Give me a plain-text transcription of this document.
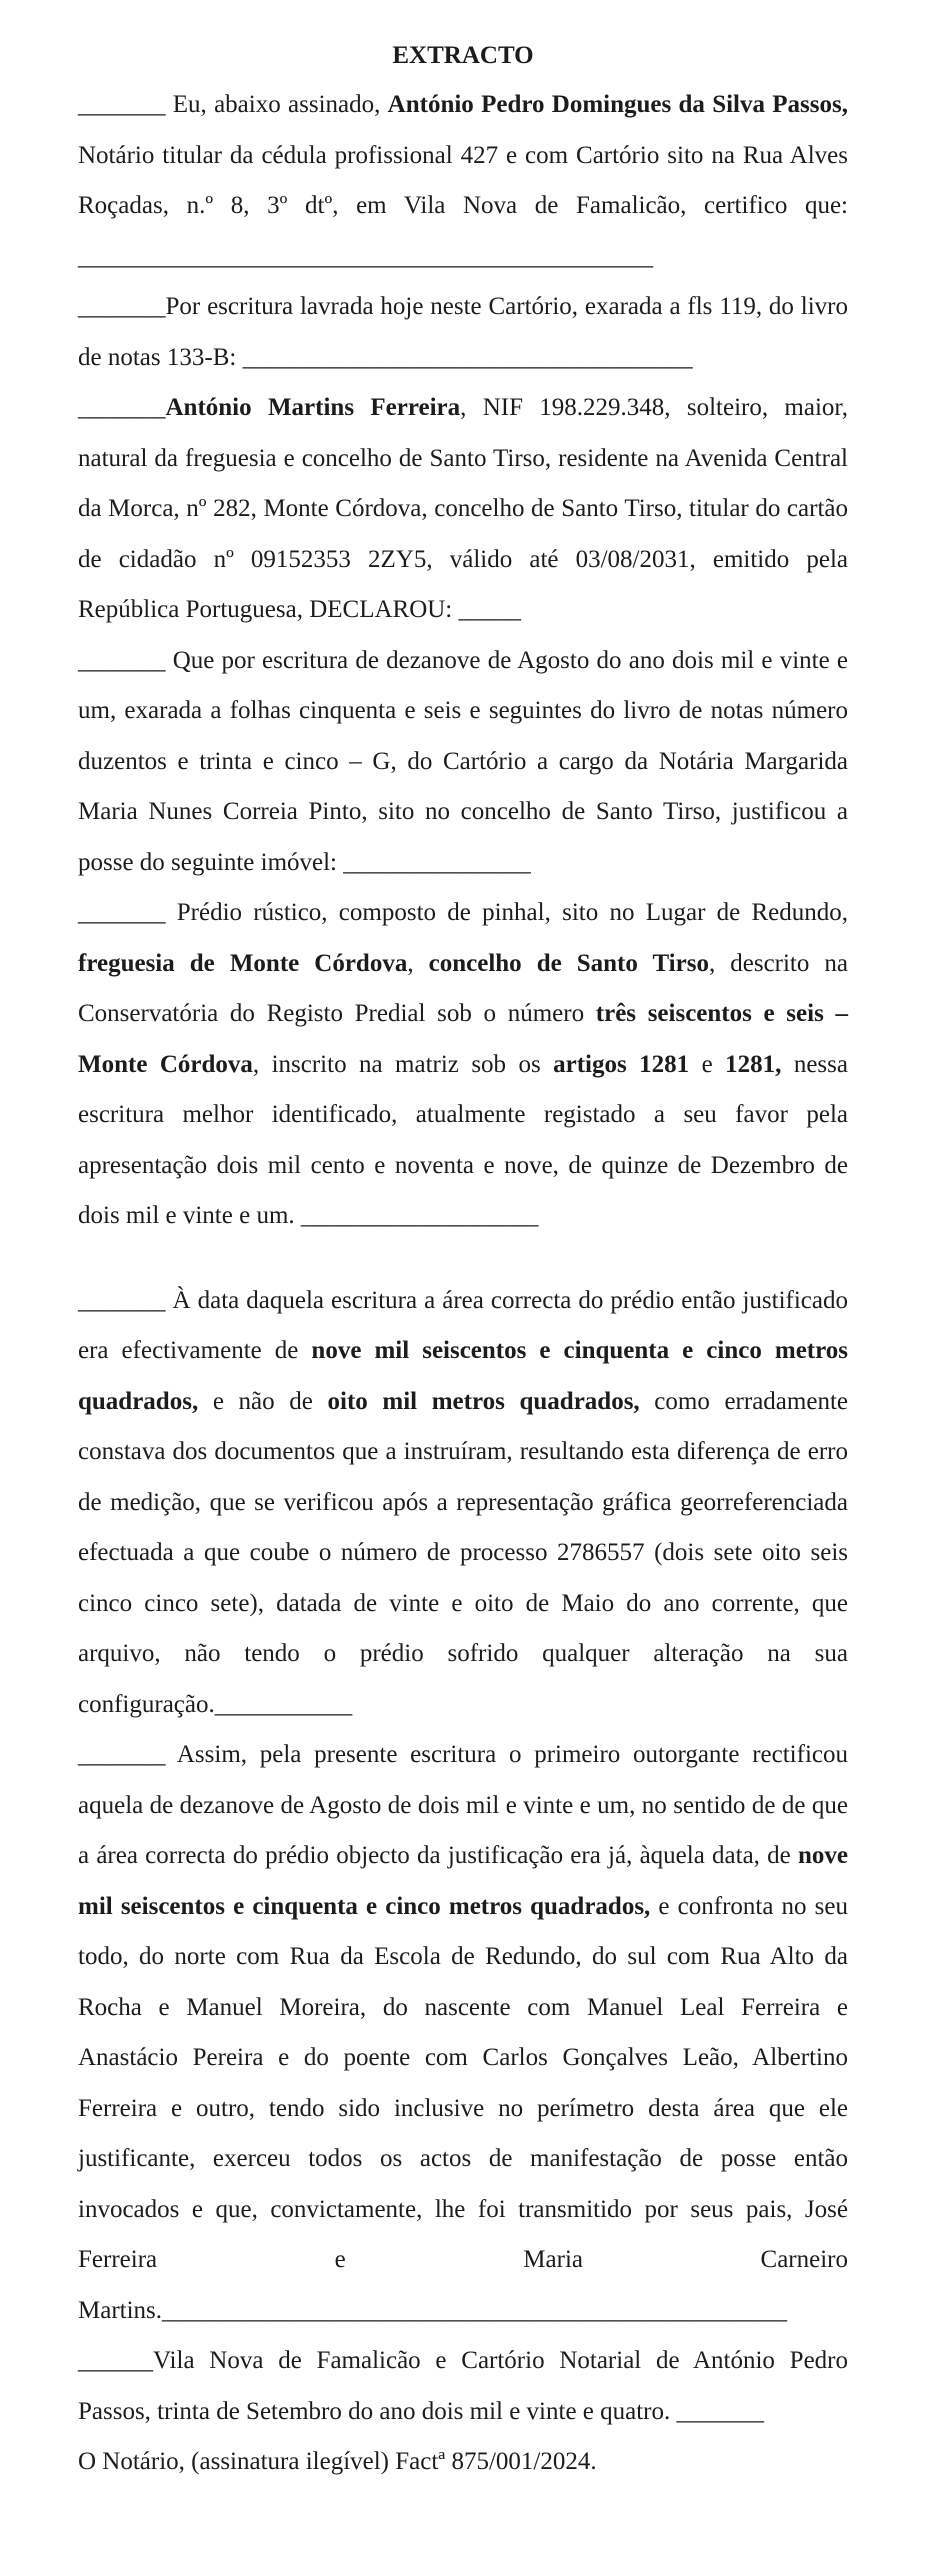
EXTRACTO

_______ Eu, abaixo assinado, António Pedro Domingues da Silva Passos, Notário titular da cédula profissional 427 e com Cartório sito na Rua Alves Roçadas, n.º 8, 3º dtº, em Vila Nova de Famalicão, certifico que: ______________________________________________

_______Por escritura lavrada hoje neste Cartório, exarada a fls 119, do livro de notas 133-B: ____________________________________

_______António Martins Ferreira, NIF 198.229.348, solteiro, maior, natural da freguesia e concelho de Santo Tirso, residente na Avenida Central da Morca, nº 282, Monte Córdova, concelho de Santo Tirso, titular do cartão de cidadão nº 09152353 2ZY5, válido até 03/08/2031, emitido pela República Portuguesa, DECLAROU: _____

_______ Que por escritura de dezanove de Agosto do ano dois mil e vinte e um, exarada a folhas cinquenta e seis e seguintes do livro de notas número duzentos e trinta e cinco – G, do Cartório a cargo da Notária Margarida Maria Nunes Correia Pinto, sito no concelho de Santo Tirso, justificou a posse do seguinte imóvel: _______________

_______ Prédio rústico, composto de pinhal, sito no Lugar de Redundo, freguesia de Monte Córdova, concelho de Santo Tirso, descrito na Conservatória do Registo Predial sob o número três seiscentos e seis – Monte Córdova, inscrito na matriz sob os artigos 1281 e 1281, nessa escritura melhor identificado, atualmente registado a seu favor pela apresentação dois mil cento e noventa e nove, de quinze de Dezembro de dois mil e vinte e um. ___________________

_______ À data daquela escritura a área correcta do prédio então justificado era efectivamente de nove mil seiscentos e cinquenta e cinco metros quadrados, e não de oito mil metros quadrados, como erradamente constava dos documentos que a instruíram, resultando esta diferença de erro de medição, que se verificou após a representação gráfica georreferenciada efectuada a que coube o número de processo 2786557 (dois sete oito seis cinco cinco sete), datada de vinte e oito de Maio do ano corrente, que arquivo, não tendo o prédio sofrido qualquer alteração na sua configuração.___________

_______ Assim, pela presente escritura o primeiro outorgante rectificou aquela de dezanove de Agosto de dois mil e vinte e um, no sentido de de que a área correcta do prédio objecto da justificação era já, àquela data, de nove mil seiscentos e cinquenta e cinco metros quadrados, e confronta no seu todo, do norte com Rua da Escola de Redundo, do sul com Rua Alto da Rocha e Manuel Moreira, do nascente com Manuel Leal Ferreira e Anastácio Pereira e do poente com Carlos Gonçalves Leão, Albertino Ferreira e outro, tendo sido inclusive no perímetro desta área que ele justificante, exerceu todos os actos de manifestação de posse então invocados e que, convictamente, lhe foi transmitido por seus pais, José Ferreira e Maria Carneiro Martins.__________________________________________________

______Vila Nova de Famalicão e Cartório Notarial de António Pedro Passos, trinta de Setembro do ano dois mil e vinte e quatro. _______

O Notário, (assinatura ilegível) Factª 875/001/2024.
